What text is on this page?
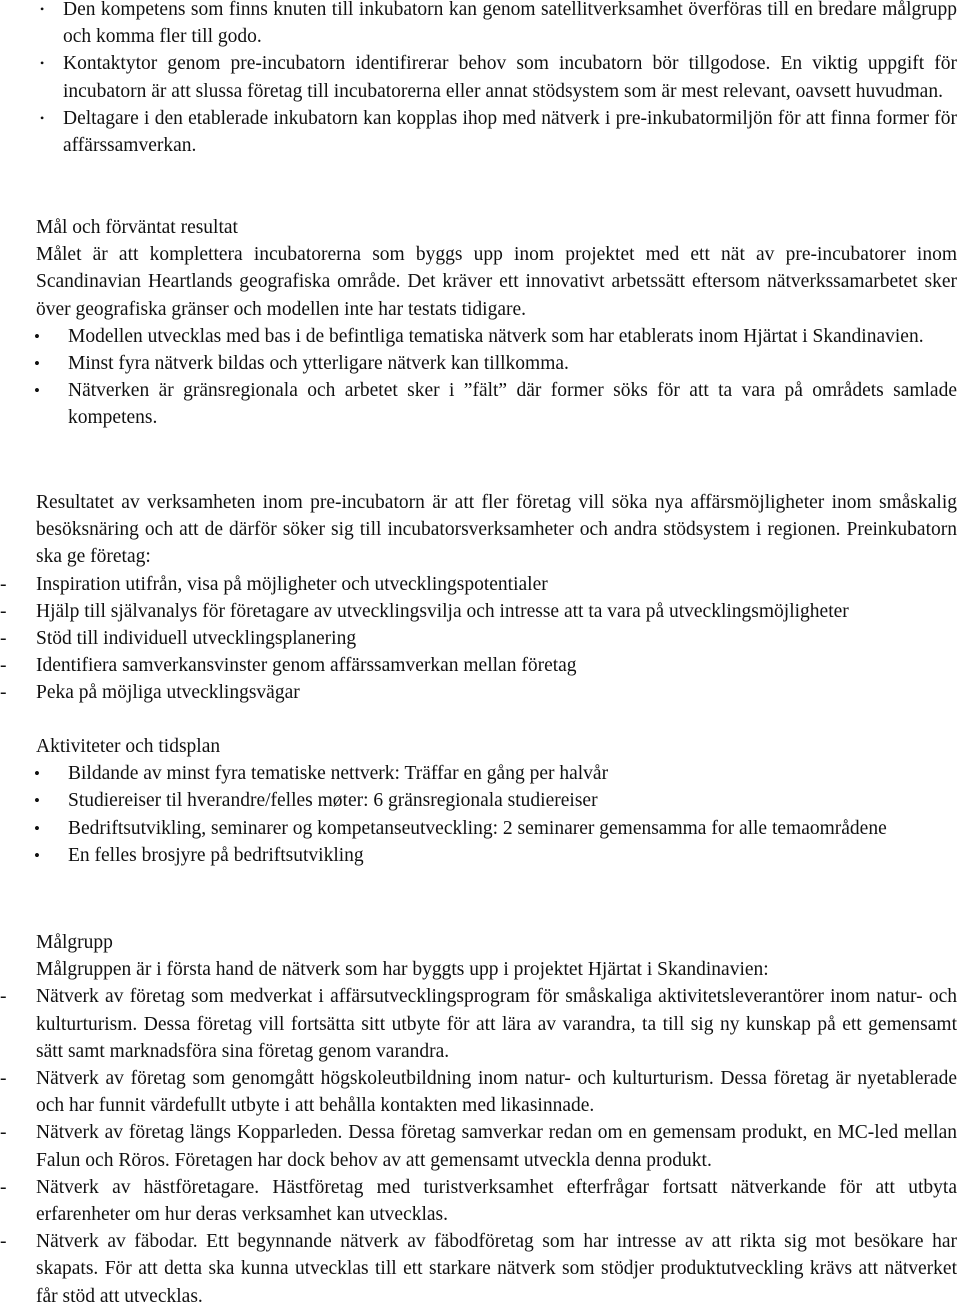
• Den kompetens som finns knuten till inkubatorn kan genom satellitverksamhet överföras till en bredare målgrupp och komma fler till godo.
• Kontaktytor genom pre-incubatorn identifirerar behov som incubatorn bör tillgodose. En viktig uppgift för incubatorn är att slussa företag till incubatorerna eller annat stödsystem som är mest relevant, oavsett huvudman.
• Deltagare i den etablerade inkubatorn kan kopplas ihop med nätverk i pre-inkubatormiljön för att finna former för affärssamverkan.

Mål och förväntat resultat

Målet är att komplettera incubatorerna som byggs upp inom projektet med ett nät av pre-incubatorer inom Scandinavian Heartlands geografiska område. Det kräver ett innovativt arbetssätt eftersom nätverkssamarbetet sker över geografiska gränser och modellen inte har testats tidigare.

• Modellen utvecklas med bas i de befintliga tematiska nätverk som har etablerats inom Hjärtat i Skandinavien.
• Minst fyra nätverk bildas och ytterligare nätverk kan tillkomma.
• Nätverken är gränsregionala och arbetet sker i ”fält” där former söks för att ta vara på områdets samlade kompetens.

Resultatet av verksamheten inom pre-incubatorn är att fler företag vill söka nya affärsmöjligheter inom småskalig besöksnäring och att de därför söker sig till incubatorsverksamheter och andra stödsystem i regionen. Preinkubatorn ska ge företag:

- Inspiration utifrån, visa på möjligheter och utvecklingspotentialer
- Hjälp till självanalys för företagare av utvecklingsvilja och intresse att ta vara på utvecklingsmöjligheter
- Stöd till individuell utvecklingsplanering
- Identifiera samverkansvinster genom affärssamverkan mellan företag
- Peka på möjliga utvecklingsvägar

Aktiviteter och tidsplan

• Bildande av minst fyra tematiske nettverk: Träffar en gång per halvår
• Studiereiser til hverandre/felles møter: 6 gränsregionala studiereiser
• Bedriftsutvikling, seminarer og kompetanseutveckling: 2 seminarer gemensamma for alle temaområdene
• En felles brosjyre på bedriftsutvikling

Målgrupp

Målgruppen är i första hand de nätverk som har byggts upp i projektet Hjärtat i Skandinavien:

- Nätverk av företag som medverkat i affärsutvecklingsprogram för småskaliga aktivitetsleverantörer inom natur- och kulturturism. Dessa företag vill fortsätta sitt utbyte för att lära av varandra, ta till sig ny kunskap på ett gemensamt sätt samt marknadsföra sina företag genom varandra.
- Nätverk av företag som genomgått högskoleutbildning inom natur- och kulturturism. Dessa företag är nyetablerade och har funnit värdefullt utbyte i att behålla kontakten med likasinnade.
- Nätverk av företag längs Kopparleden. Dessa företag samverkar redan om en gemensam produkt, en MC-led mellan Falun och Röros. Företagen har dock behov av att gemensamt utveckla denna produkt.
- Nätverk av hästföretagare. Hästföretag med turistverksamhet efterfrågar fortsatt nätverkande för att utbyta erfarenheter om hur deras verksamhet kan utvecklas.
- Nätverk av fäbodar. Ett begynnande nätverk av fäbodföretag som har intresse av att rikta sig mot besökare har skapats. För att detta ska kunna utvecklas till ett starkare nätverk som stödjer produktutveckling krävs att nätverket får stöd att utvecklas.
